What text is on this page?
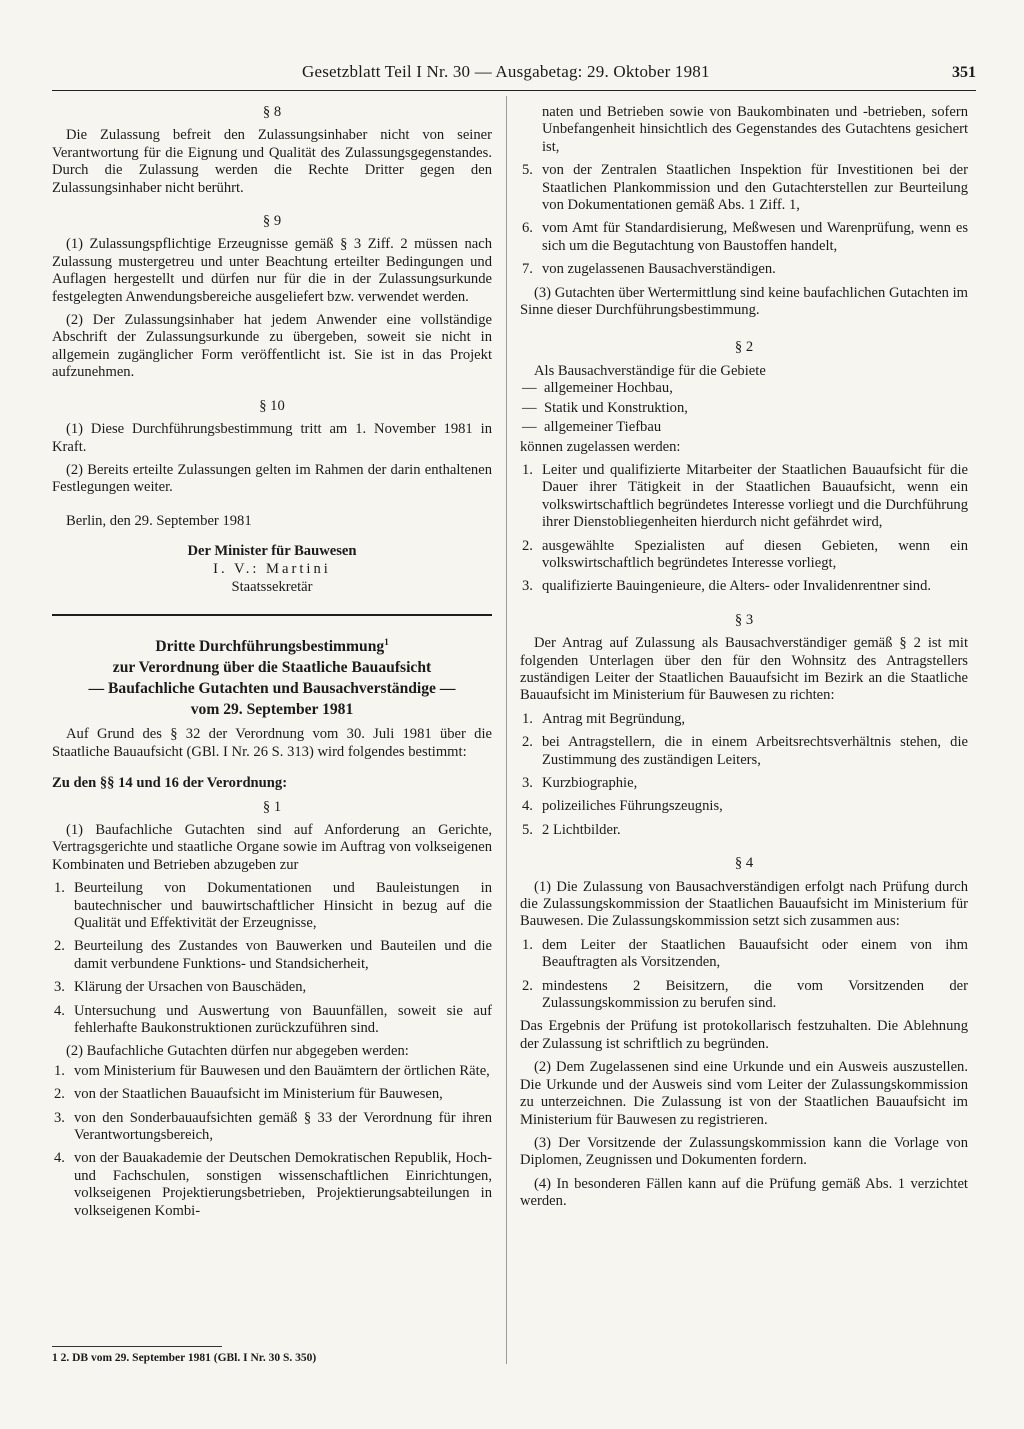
Gesetzblatt Teil I Nr. 30 — Ausgabetag: 29. Oktober 1981	351
§ 8

Die Zulassung befreit den Zulassungsinhaber nicht von seiner Verantwortung für die Eignung und Qualität des Zulassungsgegenstandes. Durch die Zulassung werden die Rechte Dritter gegen den Zulassungsinhaber nicht berührt.

§ 9

(1) Zulassungspflichtige Erzeugnisse gemäß § 3 Ziff. 2 müssen nach Zulassung mustergetreu und unter Beachtung erteilter Bedingungen und Auflagen hergestellt und dürfen nur für die in der Zulassungsurkunde festgelegten Anwendungsbereiche ausgeliefert bzw. verwendet werden.

(2) Der Zulassungsinhaber hat jedem Anwender eine vollständige Abschrift der Zulassungsurkunde zu übergeben, soweit sie nicht in allgemein zugänglicher Form veröffentlicht ist. Sie ist in das Projekt aufzunehmen.

§ 10

(1) Diese Durchführungsbestimmung tritt am 1. November 1981 in Kraft.

(2) Bereits erteilte Zulassungen gelten im Rahmen der darin enthaltenen Festlegungen weiter.

Berlin, den 29. September 1981

Der Minister für Bauwesen
I. V.: Martini
Staatssekretär
Dritte Durchführungsbestimmung$^1$
zur Verordnung über die Staatliche Bauaufsicht
— Baufachliche Gutachten und Bausachverständige —
vom 29. September 1981

Auf Grund des § 32 der Verordnung vom 30. Juli 1981 über die Staatliche Bauaufsicht (GBl. I Nr. 26 S. 313) wird folgendes bestimmt:

Zu den §§ 14 und 16 der Verordnung:

§ 1

(1) Baufachliche Gutachten sind auf Anforderung an Gerichte, Vertragsgerichte und staatliche Organe sowie im Auftrag von volkseigenen Kombinaten und Betrieben abzugeben zur

1. Beurteilung von Dokumentationen und Bauleistungen in bautechnischer und bauwirtschaftlicher Hinsicht in bezug auf die Qualität und Effektivität der Erzeugnisse,
2. Beurteilung des Zustandes von Bauwerken und Bauteilen und die damit verbundene Funktions- und Standsicherheit,
3. Klärung der Ursachen von Bauschäden,
4. Untersuchung und Auswertung von Bauunfällen, soweit sie auf fehlerhafte Baukonstruktionen zurückzuführen sind.

(2) Baufachliche Gutachten dürfen nur abgegeben werden:

1. vom Ministerium für Bauwesen und den Bauämtern der örtlichen Räte,
2. von der Staatlichen Bauaufsicht im Ministerium für Bauwesen,
3. von den Sonderbauaufsichten gemäß § 33 der Verordnung für ihren Verantwortungsbereich,
4. von der Bauakademie der Deutschen Demokratischen Republik, Hoch- und Fachschulen, sonstigen wissenschaftlichen Einrichtungen, volkseigenen Projektierungsbetrieben, Projektierungsabteilungen in volkseigenen Kombi-

naten und Betrieben sowie von Baukombinaten und -betrieben, sofern Unbefangenheit hinsichtlich des Gegenstandes des Gutachtens gesichert ist,

5. von der Zentralen Staatlichen Inspektion für Investitionen bei der Staatlichen Plankommission und den Gutachterstellen zur Beurteilung von Dokumentationen gemäß Abs. 1 Ziff. 1,
6. vom Amt für Standardisierung, Meßwesen und Warenprüfung, wenn es sich um die Begutachtung von Baustoffen handelt,
7. von zugelassenen Bausachverständigen.

(3) Gutachten über Wertermittlung sind keine baufachlichen Gutachten im Sinne dieser Durchführungsbestimmung.

§ 2

Als Bausachverständige für die Gebiete

— allgemeiner Hochbau,
— Statik und Konstruktion,
— allgemeiner Tiefbau

können zugelassen werden:

1. Leiter und qualifizierte Mitarbeiter der Staatlichen Bauaufsicht für die Dauer ihrer Tätigkeit in der Staatlichen Bauaufsicht, wenn ein volkswirtschaftlich begründetes Interesse vorliegt und die Durchführung ihrer Dienstobliegenheiten hierdurch nicht gefährdet wird,
2. ausgewählte Spezialisten auf diesen Gebieten, wenn ein volkswirtschaftlich begründetes Interesse vorliegt,
3. qualifizierte Bauingenieure, die Alters- oder Invalidenrentner sind.
§ 3

Der Antrag auf Zulassung als Bausachverständiger gemäß § 2 ist mit folgenden Unterlagen über den für den Wohnsitz des Antragstellers zuständigen Leiter der Staatlichen Bauaufsicht im Bezirk an die Staatliche Bauaufsicht im Ministerium für Bauwesen zu richten:

1. Antrag mit Begründung,
2. bei Antragstellern, die in einem Arbeitsrechtsverhältnis stehen, die Zustimmung des zuständigen Leiters,
3. Kurzbiographie,
4. polizeiliches Führungszeugnis,
5. 2 Lichtbilder.
§ 4

(1) Die Zulassung von Bausachverständigen erfolgt nach Prüfung durch die Zulassungskommission der Staatlichen Bauaufsicht im Ministerium für Bauwesen. Die Zulassungskommission setzt sich zusammen aus:

1. dem Leiter der Staatlichen Bauaufsicht oder einem von ihm Beauftragten als Vorsitzenden,
2. mindestens 2 Beisitzern, die vom Vorsitzenden der Zulassungskommission zu berufen sind.

Das Ergebnis der Prüfung ist protokollarisch festzuhalten. Die Ablehnung der Zulassung ist schriftlich zu begründen.

(2) Dem Zugelassenen sind eine Urkunde und ein Ausweis auszustellen. Die Urkunde und der Ausweis sind vom Leiter der Zulassungskommission zu unterzeichnen. Die Zulassung ist von der Staatlichen Bauaufsicht im Ministerium für Bauwesen zu registrieren.

(3) Der Vorsitzende der Zulassungskommission kann die Vorlage von Diplomen, Zeugnissen und Dokumenten fordern.

(4) In besonderen Fällen kann auf die Prüfung gemäß Abs. 1 verzichtet werden.

1 2. DB vom 29. September 1981 (GBl. I Nr. 30 S. 350)
